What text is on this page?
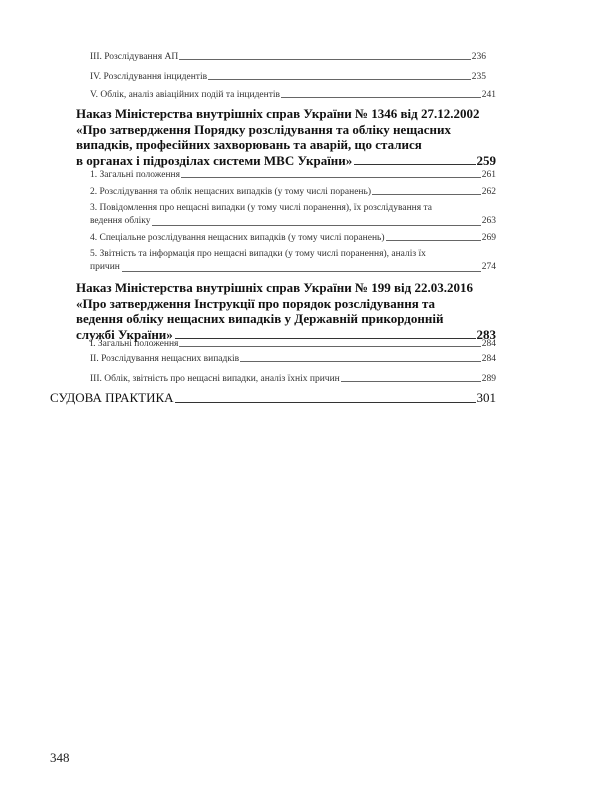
III. Розслідування АП	236
IV. Розслідування інцидентів	235
V. Облік, аналіз авіаційних подій та інцидентів	241
Наказ Міністерства внутрішніх справ України № 1346 від 27.12.2002
«Про затвердження Порядку розслідування та обліку нещасних
випадків, професійних захворювань та аварій, що сталися
в органах і підрозділах системи МВС України»	259
1. Загальні положення	261
2. Розслідування та облік нещасних випадків (у тому числі поранень)	262
3. Повідомлення про нещасні випадки (у тому числі поранення), їх розслідування та
ведення обліку	263
4. Спеціальне розслідування нещасних випадків (у тому числі поранень)	269
5. Звітність та інформація про нещасні випадки (у тому числі поранення), аналіз їх
причин	274
Наказ Міністерства внутрішніх справ України № 199 від 22.03.2016
«Про затвердження Інструкції про порядок розслідування та
ведення обліку нещасних випадків у Державній прикордонній
службі України»	283
I. Загальні положення	284
II. Розслідування нещасних випадків	284
III. Облік, звітність про нещасні випадки, аналіз їхніх причин	289
СУДОВА ПРАКТИКА	301
348
